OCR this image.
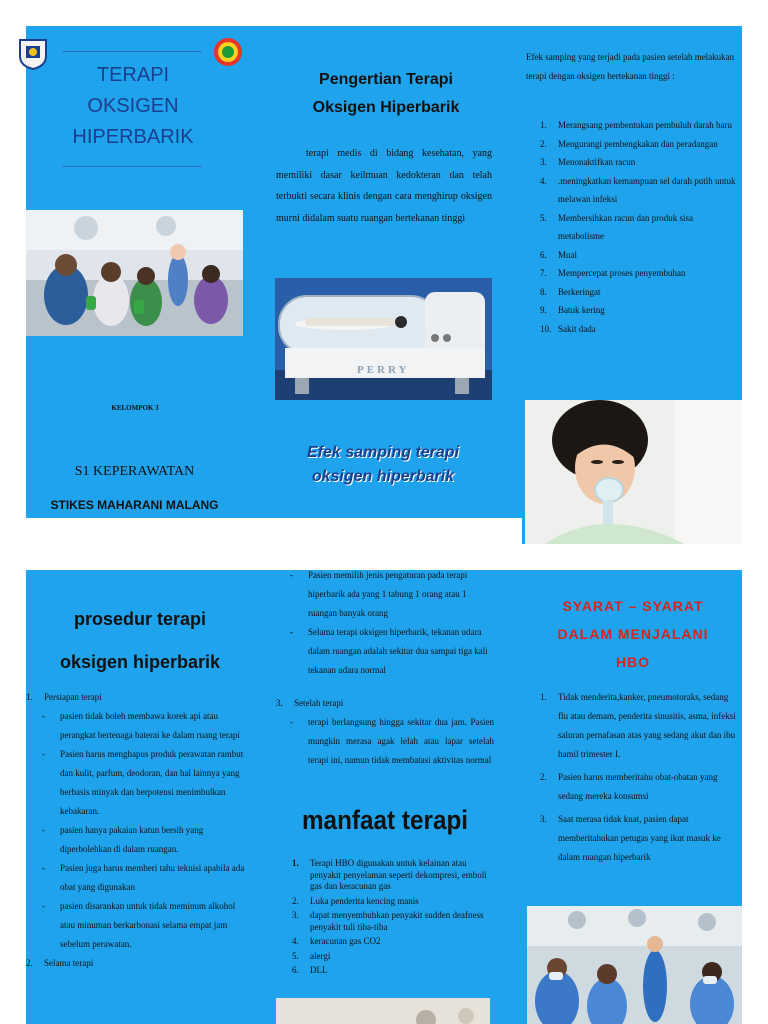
TERAPI
OKSIGEN
HIPERBARIK
KELOMPOK 3
S1 KEPERAWATAN
STIKES MAHARANI MALANG
Pengertian Terapi
Oksigen Hiperbarik
terapi medis di bidang kesehatan, yang memiliki dasar keilmuan kedokteran dan telah terbukti secara klinis dengan cara menghirup oksigen murni didalam suatu ruangan bertekanan tinggi
PERRY
Efek samping terapi
oksigen hiperbarik
Efek samping yang terjadi pada pasien setelah melakukan terapi dengan oksigen bertekanan tinggi :
1. Merangsang pembentukan pembuluh darah baru
2. Mengurangi pembengkakan dan peradangan
3. Menonaktifkan racun
4. .meningkatkan kemampuan sel darah putih untuk melawan infeksi
5. Membersihkan racun dan produk sisa metabolisme
6. Mual
7. Mempercepat proses penyembuhan
8. Berkeringat
9. Batuk kering
10. Sakit dada
prosedur terapi
oksigen hiperbarik
1. Persiapan terapi
- pasien tidak boleh membawa korek api atau perangkat bertenaga baterai ke dalam ruang terapi
- Pasien harus menghapus produk perawatan rambut dan kulit, parfum, deodoran, dan hal lainnya yang berbasis minyak dan berpotensi menimbulkan kebakaran.
- pasien hanya pakaian katun bersih yang diperbolehkan di dalam ruangan.
- Pasien juga harus memberi tahu teknisi apabila ada obat yang digunakan
- pasien disarankan untuk tidak meminum alkohol atau minuman berkarbonasi selama empat jam sebelum perawatan.
2. Selama terapi
- Pasien memilih jenis pengaturan pada terapi hiperbarik ada yang 1 tabung 1 orang atau 1 ruangan banyak orang
- Selama terapi oksigen hiperbarik, tekanan udara dalam ruangan adalah sekitar dua sampai tiga kali tekanan udara normal
3. Setelah terapi
- terapi berlangsung hingga sekitar dua jam. Pasien mungkin merasa agak lelah atau lapar setelah terapi ini, namun tidak membatasi aktivitas normal
manfaat terapi
1. Terapi HBO digunakan untuk kelainan atau penyakit penyelaman seperti dekompresi, emboli gas dan keracunan gas
2. Luka penderita kencing manis
3. dapat menyembuhkan penyakit sudden deafness penyakit tuli tiba-tiba
4. keracunan gas CO2
5. alergi
6. DLL
SYARAT – SYARAT
DALAM MENJALANI
HBO
1. Tidak menderita,kanker, pneumotoraks, sedang flu atau demam, penderita sinusitis, asma, infeksi saluran pernafasan atas yang sedang akut dan ibu hamil trimester I.
2. Pasien harus memberitahu obat-obatan yang sedang mereka konsumsi
3. Saat merasa tidak kuat, pasien dapat memberitahukan petugas yang ikut masuk ke dalam ruangan hiperbarik
